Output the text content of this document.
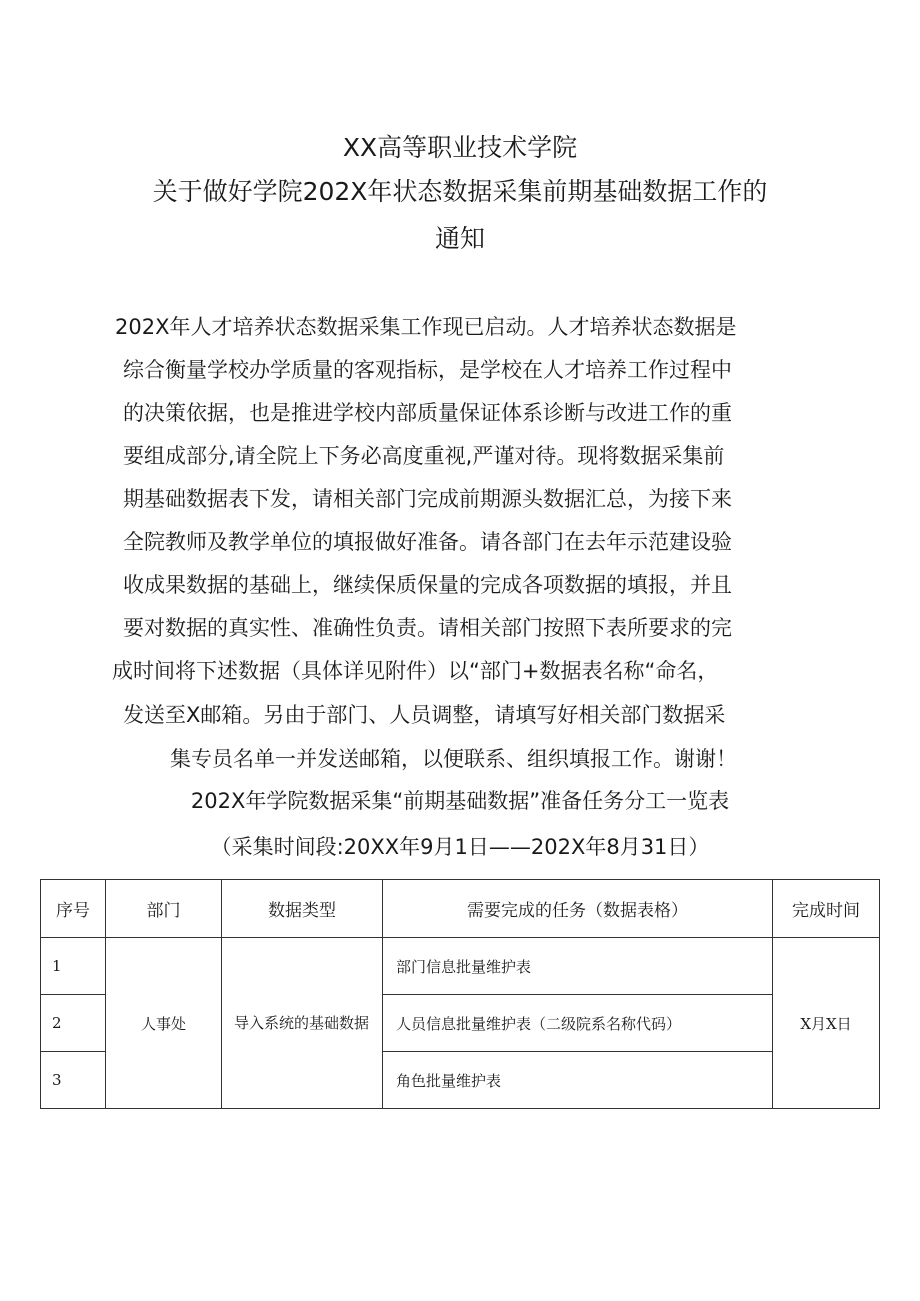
XX高等职业技术学院
关于做好学院202X年状态数据采集前期基础数据工作的
通知
202X年人才培养状态数据采集工作现已启动。人才培养状态数据是
综合衡量学校办学质量的客观指标，是学校在人才培养工作过程中
的决策依据，也是推进学校内部质量保证体系诊断与改进工作的重
要组成部分,请全院上下务必高度重视,严谨对待。现将数据采集前
期基础数据表下发，请相关部门完成前期源头数据汇总，为接下来
全院教师及教学单位的填报做好准备。请各部门在去年示范建设验
收成果数据的基础上，继续保质保量的完成各项数据的填报，并且
要对数据的真实性、准确性负责。请相关部门按照下表所要求的完
成时间将下述数据（具体详见附件）以“部门+数据表名称“命名，
发送至X邮箱。另由于部门、人员调整，请填写好相关部门数据采
集专员名单一并发送邮箱，以便联系、组织填报工作。谢谢！
202X年学院数据采集“前期基础数据”准备任务分工一览表
（采集时间段:20XX年9月1日——202X年8月31日）
序号	部门	数据类型	需要完成的任务（数据表格）	完成时间
1	人事处	导入系统的基础数据	部门信息批量维护表	X月X日
2			人员信息批量维护表（二级院系名称代码）	
3			角色批量维护表	
